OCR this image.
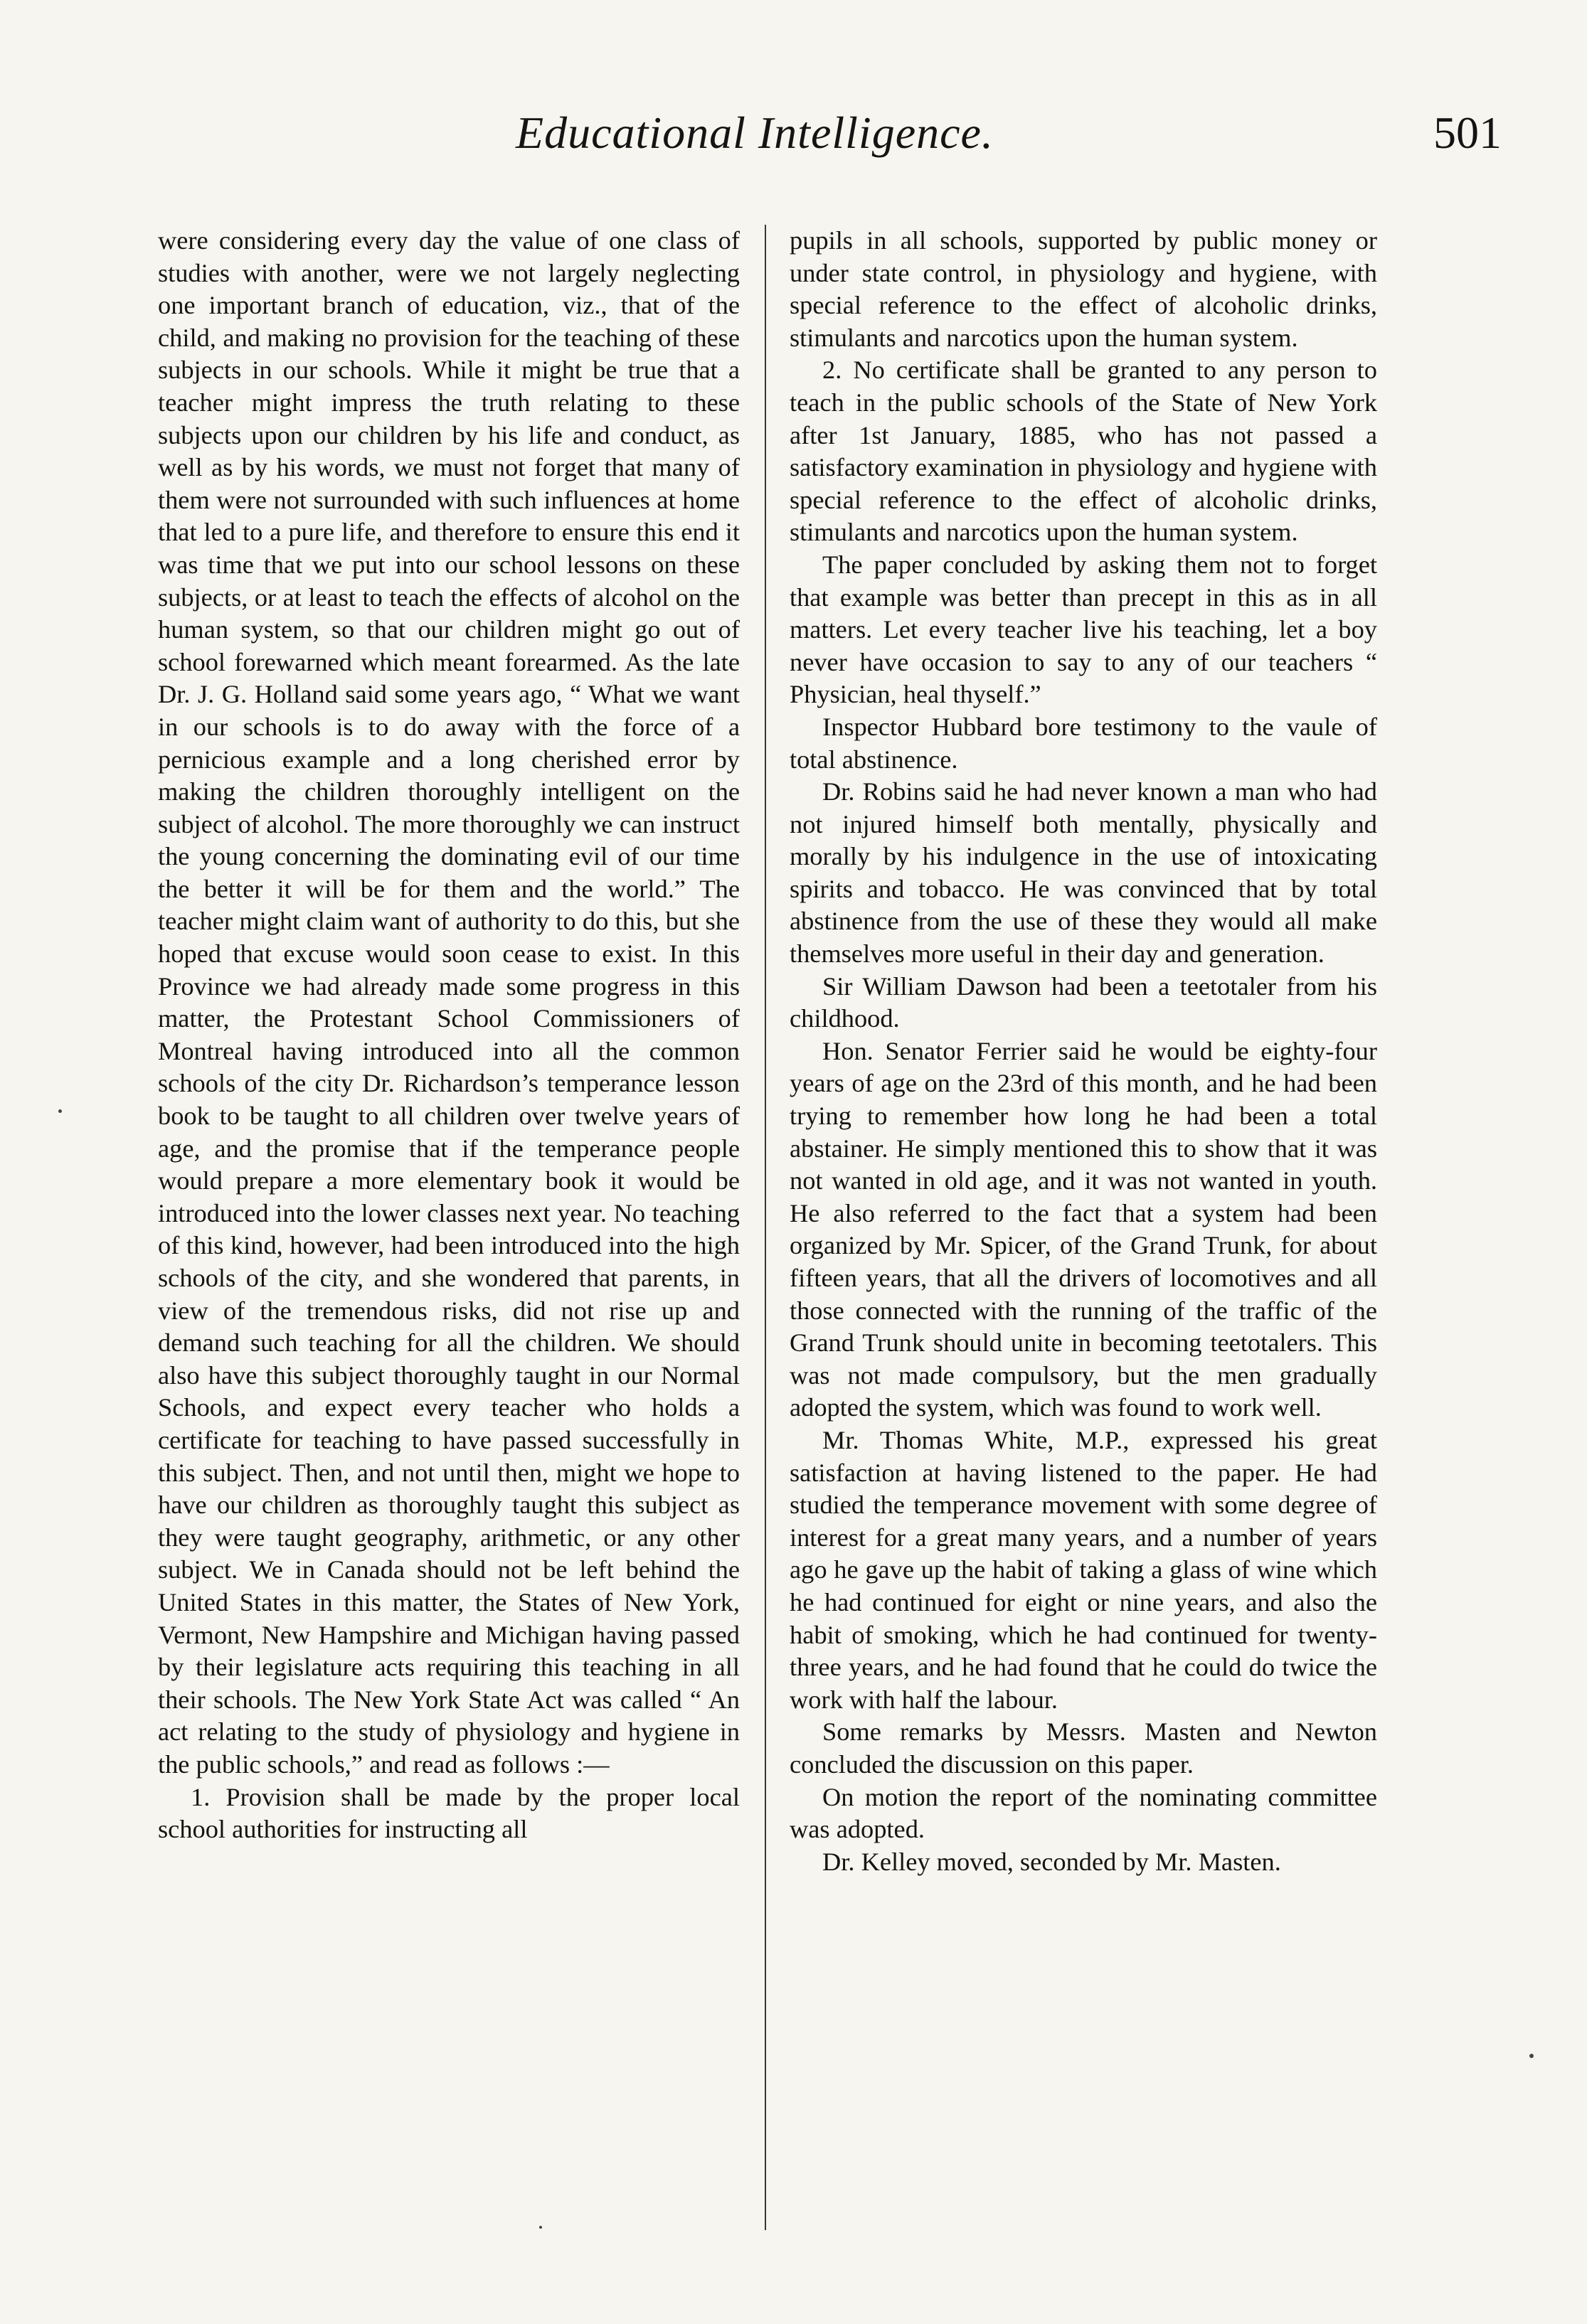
Educational Intelligence.	501

were considering every day the value of one class of studies with another, were we not largely neglecting one important branch of education, viz., that of the child, and making no provision for the teaching of these subjects in our schools. While it might be true that a teacher might impress the truth relating to these subjects upon our children by his life and conduct, as well as by his words, we must not forget that many of them were not surrounded with such influences at home that led to a pure life, and therefore to ensure this end it was time that we put into our school lessons on these subjects, or at least to teach the effects of alcohol on the human system, so that our children might go out of school forewarned which meant forearmed. As the late Dr. J. G. Holland said some years ago, “ What we want in our schools is to do away with the force of a pernicious example and a long cherished error by making the children thoroughly intelligent on the subject of alcohol. The more thoroughly we can instruct the young concerning the dominating evil of our time the better it will be for them and the world.” The teacher might claim want of authority to do this, but she hoped that excuse would soon cease to exist. In this Province we had already made some progress in this matter, the Protestant School Commissioners of Montreal having introduced into all the common schools of the city Dr. Richardson’s temperance lesson book to be taught to all children over twelve years of age, and the promise that if the temperance people would prepare a more elementary book it would be introduced into the lower classes next year. No teaching of this kind, however, had been introduced into the high schools of the city, and she wondered that parents, in view of the tremendous risks, did not rise up and demand such teaching for all the children. We should also have this subject thoroughly taught in our Normal Schools, and expect every teacher who holds a certificate for teaching to have passed successfully in this subject. Then, and not until then, might we hope to have our children as thoroughly taught this subject as they were taught geography, arithmetic, or any other subject. We in Canada should not be left behind the United States in this matter, the States of New York, Vermont, New Hampshire and Michigan having passed by their legislature acts requiring this teaching in all their schools. The New York State Act was called “ An act relating to the study of physiology and hygiene in the public schools,” and read as follows :—

1. Provision shall be made by the proper local school authorities for instructing all

pupils in all schools, supported by public money or under state control, in physiology and hygiene, with special reference to the effect of alcoholic drinks, stimulants and narcotics upon the human system.

2. No certificate shall be granted to any person to teach in the public schools of the State of New York after 1st January, 1885, who has not passed a satisfactory examination in physiology and hygiene with special reference to the effect of alcoholic drinks, stimulants and narcotics upon the human system.

The paper concluded by asking them not to forget that example was better than precept in this as in all matters. Let every teacher live his teaching, let a boy never have occasion to say to any of our teachers “ Physician, heal thyself.”

Inspector Hubbard bore testimony to the vaule of total abstinence.

Dr. Robins said he had never known a man who had not injured himself both mentally, physically and morally by his indulgence in the use of intoxicating spirits and tobacco. He was convinced that by total abstinence from the use of these they would all make themselves more useful in their day and generation.

Sir William Dawson had been a teetotaler from his childhood.

Hon. Senator Ferrier said he would be eighty-four years of age on the 23rd of this month, and he had been trying to remember how long he had been a total abstainer. He simply mentioned this to show that it was not wanted in old age, and it was not wanted in youth. He also referred to the fact that a system had been organized by Mr. Spicer, of the Grand Trunk, for about fifteen years, that all the drivers of locomotives and all those connected with the running of the traffic of the Grand Trunk should unite in becoming teetotalers. This was not made compulsory, but the men gradually adopted the system, which was found to work well.

Mr. Thomas White, M.P., expressed his great satisfaction at having listened to the paper. He had studied the temperance movement with some degree of interest for a great many years, and a number of years ago he gave up the habit of taking a glass of wine which he had continued for eight or nine years, and also the habit of smoking, which he had continued for twenty-three years, and he had found that he could do twice the work with half the labour.

Some remarks by Messrs. Masten and Newton concluded the discussion on this paper.

On motion the report of the nominating committee was adopted.

Dr. Kelley moved, seconded by Mr. Masten.
